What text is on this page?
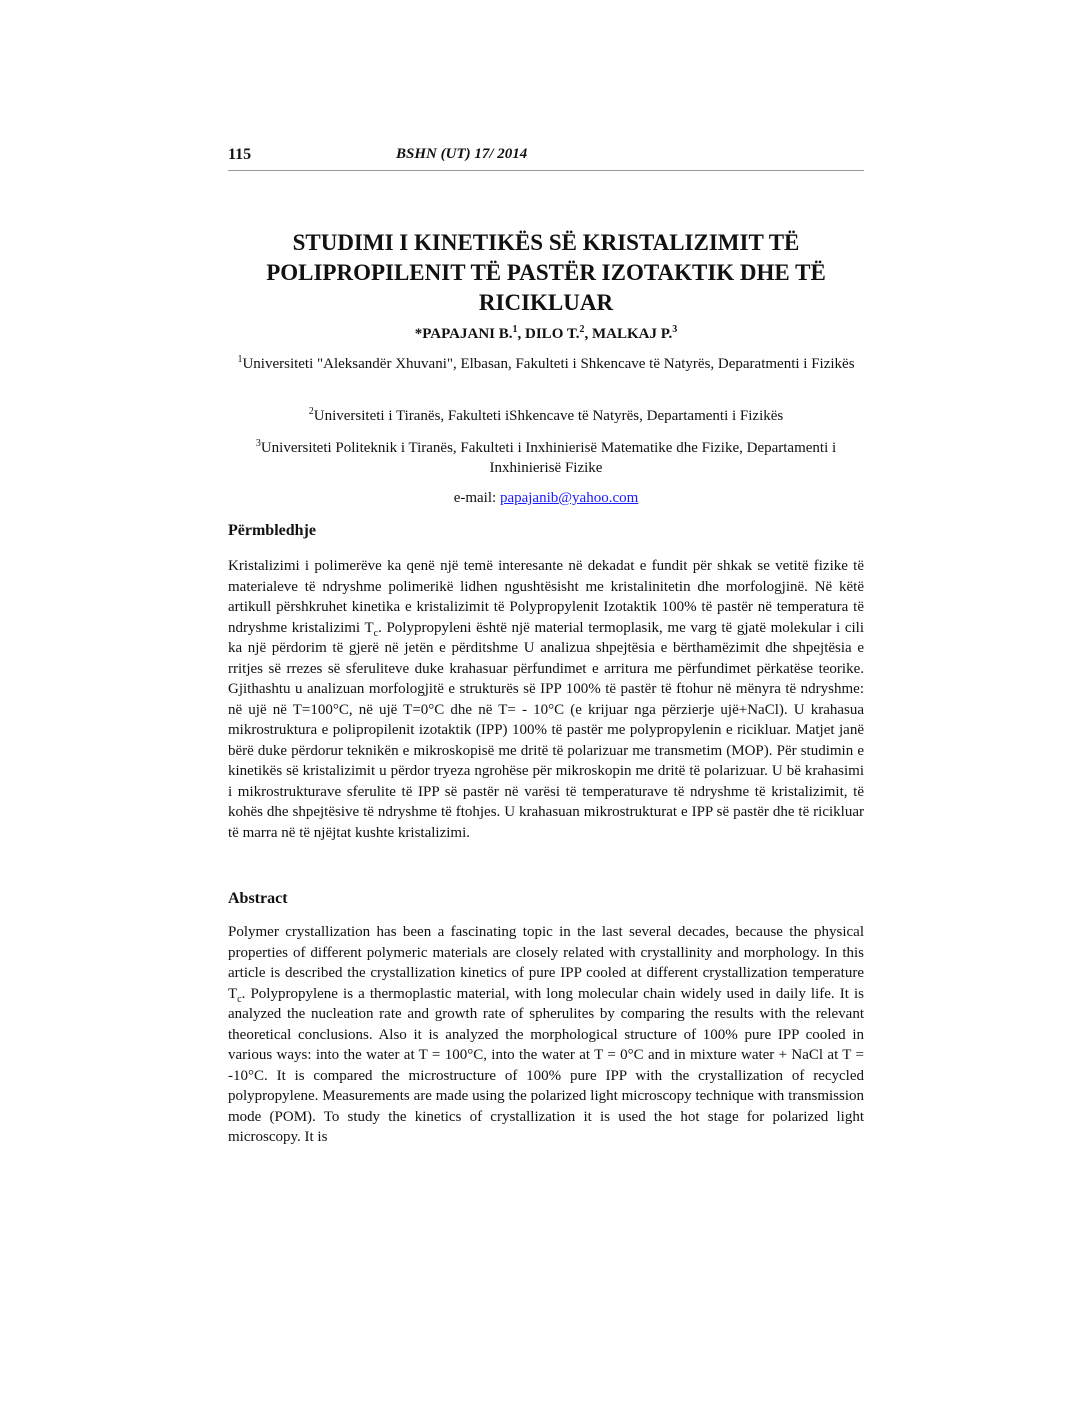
115	BSHN (UT) 17/ 2014
STUDIMI I KINETIKËS SË KRISTALIZIMIT TË POLIPROPILENIT TË PASTËR IZOTAKTIK DHE TË RICIKLUAR
*PAPAJANI B.$^1$, DILO T.$^2$, MALKAJ P.$^3$
$^1$Universiteti "Aleksandër Xhuvani", Elbasan, Fakulteti i Shkencave të Natyrës, Deparatmenti i Fizikës
$^2$Universiteti i Tiranës, Fakulteti iShkencave të Natyrës, Departamenti i Fizikës
$^3$Universiteti Politeknik i Tiranës, Fakulteti i Inxhinierisë Matematike dhe Fizike, Departamenti i Inxhinierisë Fizike
e-mail: papajanib@yahoo.com
Përmbledhje

Kristalizimi i polimerëve ka qenë një temë interesante në dekadat e fundit për shkak se vetitë fizike të materialeve të ndryshme polimerikë lidhen ngushtësisht me kristalinitetin dhe morfologjinë. Në këtë artikull përshkruhet kinetika e kristalizimit të Polypropylenit Izotaktik 100% të pastër në temperatura të ndryshme kristalizimi $T_c$. Polypropyleni është një material termoplasik, me varg të gjatë molekular i cili ka një përdorim të gjerë në jetën e përditshme U analizua shpejtësia e bërthamëzimit dhe shpejtësia e rritjes së rrezes së sferuliteve duke krahasuar përfundimet e arritura me përfundimet përkatëse teorike. Gjithashtu u analizuan morfologjitë e strukturës së IPP 100% të pastër të ftohur në mënyra të ndryshme: në ujë në T=100°C, në ujë T=0°C dhe në T= - 10°C (e krijuar nga përzierje ujë+NaCl). U krahasua mikrostruktura e polipropilenit izotaktik (IPP) 100% të pastër me polypropylenin e ricikluar. Matjet janë bërë duke përdorur teknikën e mikroskopisë me dritë të polarizuar me transmetim (MOP). Për studimin e kinetikës së kristalizimit u përdor tryeza ngrohëse për mikroskopin me dritë të polarizuar. U bë krahasimi i mikrostrukturave sferulite të IPP së pastër në varësi të temperaturave të ndryshme të kristalizimit, të kohës dhe shpejtësive të ndryshme të ftohjes. U krahasuan mikrostrukturat e IPP së pastër dhe të ricikluar të marra në të njëjtat kushte kristalizimi.

Abstract

Polymer crystallization has been a fascinating topic in the last several decades, because the physical properties of different polymeric materials are closely related with crystallinity and morphology. In this article is described the crystallization kinetics of pure IPP cooled at different crystallization temperature $T_c$. Polypropylene is a thermoplastic material, with long molecular chain widely used in daily life. It is analyzed the nucleation rate and growth rate of spherulites by comparing the results with the relevant theoretical conclusions. Also it is analyzed the morphological structure of 100% pure IPP cooled in various ways: into the water at T = 100°C, into the water at T = 0°C and in mixture water + NaCl at T = -10°C. It is compared the microstructure of 100% pure IPP with the crystallization of recycled polypropylene. Measurements are made using the polarized light microscopy technique with transmission mode (POM). To study the kinetics of crystallization it is used the hot stage for polarized light microscopy. It is
